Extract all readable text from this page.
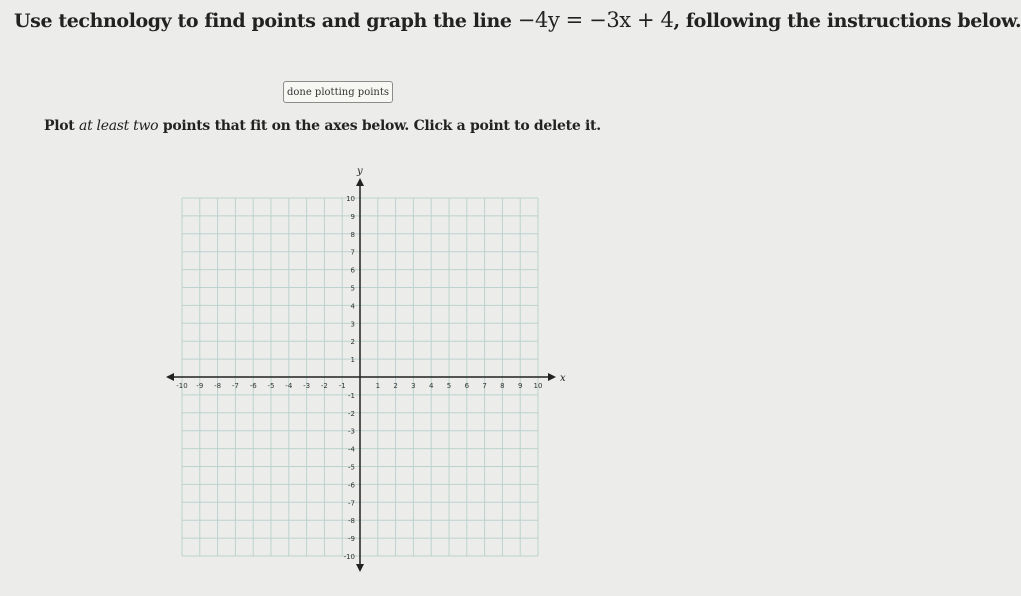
Use technology to find points and graph the line −4y = −3x + 4, following the instructions below.
done plotting points
Plot at least two points that fit on the axes below. Click a point to delete it.
x
y
-10 -9 -8 -7 -6 -5 -4 -3 -2 -1	1 2 3 4 5 6 7 8 9 10
10
9
8
7
6
5
4
3
2
1
-1
-2
-3
-4
-5
-6
-7
-8
-9
-10
